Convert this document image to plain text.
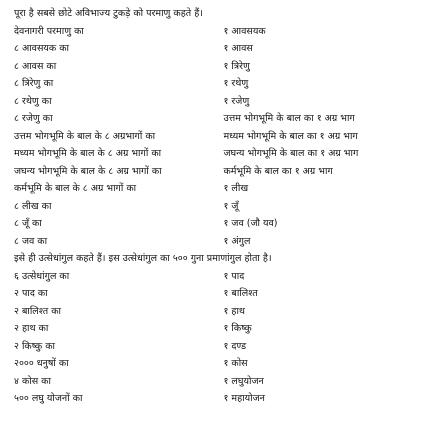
पूरा है सबसे छोटे अविभाज्य टुकड़े को परमाणु कहते हैं।
देवनागरी परमाणु का	१ आवसयक
८ आवसयक का	१ आवस
८ आवस का	१ त्रिरेणु
८ त्रिरेणु का	१ रथेणु
८ रथेणु का	१ रजेणु
८ रजेणु का	उत्तम भोगभूमि के बाल का १ अग्र भाग
उत्तम भोगभूमि के बाल के ८ अग्रभागों का	मध्यम भोगभूमि के बाल का १ अग्र भाग
मध्यम भोगभूमि के बाल के ८ अग्र भागों का	जघन्य भोगभूमि के बाल का १ अग्र भाग
जघन्य भोगभूमि के बाल के ८ अग्र भागों का	कर्मभूमि के बाल का १ अग्र भाग
कर्मभूमि के बाल के ८ अग्र भागों का	१ लीख
८ लीख का	१ जूँ
८ जूँ का	१ जव (जौ यव)
८ जव का	१ अंगुल
इसे ही उत्सेधांगुल कहते हैं। इस उत्सेधांगुल का ५०० गुना प्रमाणांगुल होता है।
६ उत्सेधांगुल का	१ पाद
२ पाद का	१ बालिश्त
२ बालिश्त का	१ हाथ
२ हाथ का	१ किष्कु
२ किष्कु का	१ दण्ड
२००० धनुषों का	१ कोस
४ कोस का	१ लघुयोजन
५०० लघु योजनों का	१ महायोजन
